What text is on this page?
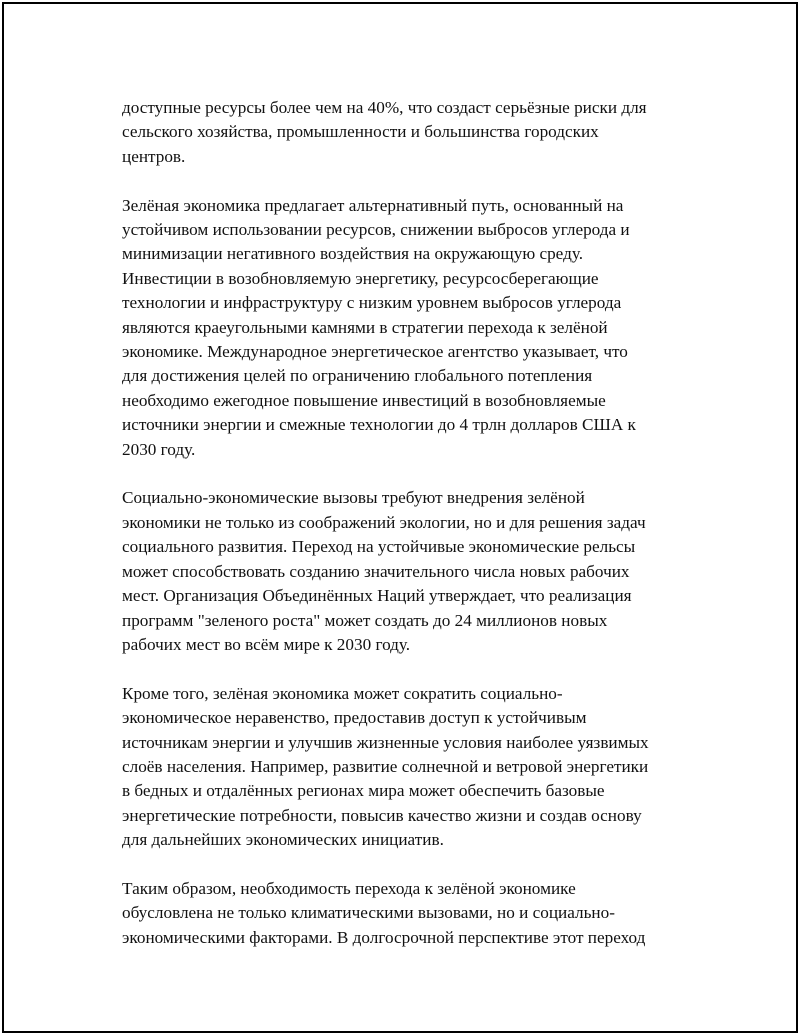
доступные ресурсы более чем на 40%, что создаст серьёзные риски для
сельского хозяйства, промышленности и большинства городских
центров.

Зелёная экономика предлагает альтернативный путь, основанный на
устойчивом использовании ресурсов, снижении выбросов углерода и
минимизации негативного воздействия на окружающую среду.
Инвестиции в возобновляемую энергетику, ресурсосберегающие
технологии и инфраструктуру с низким уровнем выбросов углерода
являются краеугольными камнями в стратегии перехода к зелёной
экономике. Международное энергетическое агентство указывает, что
для достижения целей по ограничению глобального потепления
необходимо ежегодное повышение инвестиций в возобновляемые
источники энергии и смежные технологии до 4 трлн долларов США к
2030 году.

Социально-экономические вызовы требуют внедрения зелёной
экономики не только из соображений экологии, но и для решения задач
социального развития. Переход на устойчивые экономические рельсы
может способствовать созданию значительного числа новых рабочих
мест. Организация Объединённых Наций утверждает, что реализация
программ "зеленого роста" может создать до 24 миллионов новых
рабочих мест во всём мире к 2030 году.

Кроме того, зелёная экономика может сократить социально-
экономическое неравенство, предоставив доступ к устойчивым
источникам энергии и улучшив жизненные условия наиболее уязвимых
слоёв населения. Например, развитие солнечной и ветровой энергетики
в бедных и отдалённых регионах мира может обеспечить базовые
энергетические потребности, повысив качество жизни и создав основу
для дальнейших экономических инициатив.

Таким образом, необходимость перехода к зелёной экономике
обусловлена не только климатическими вызовами, но и социально-
экономическими факторами. В долгосрочной перспективе этот переход
